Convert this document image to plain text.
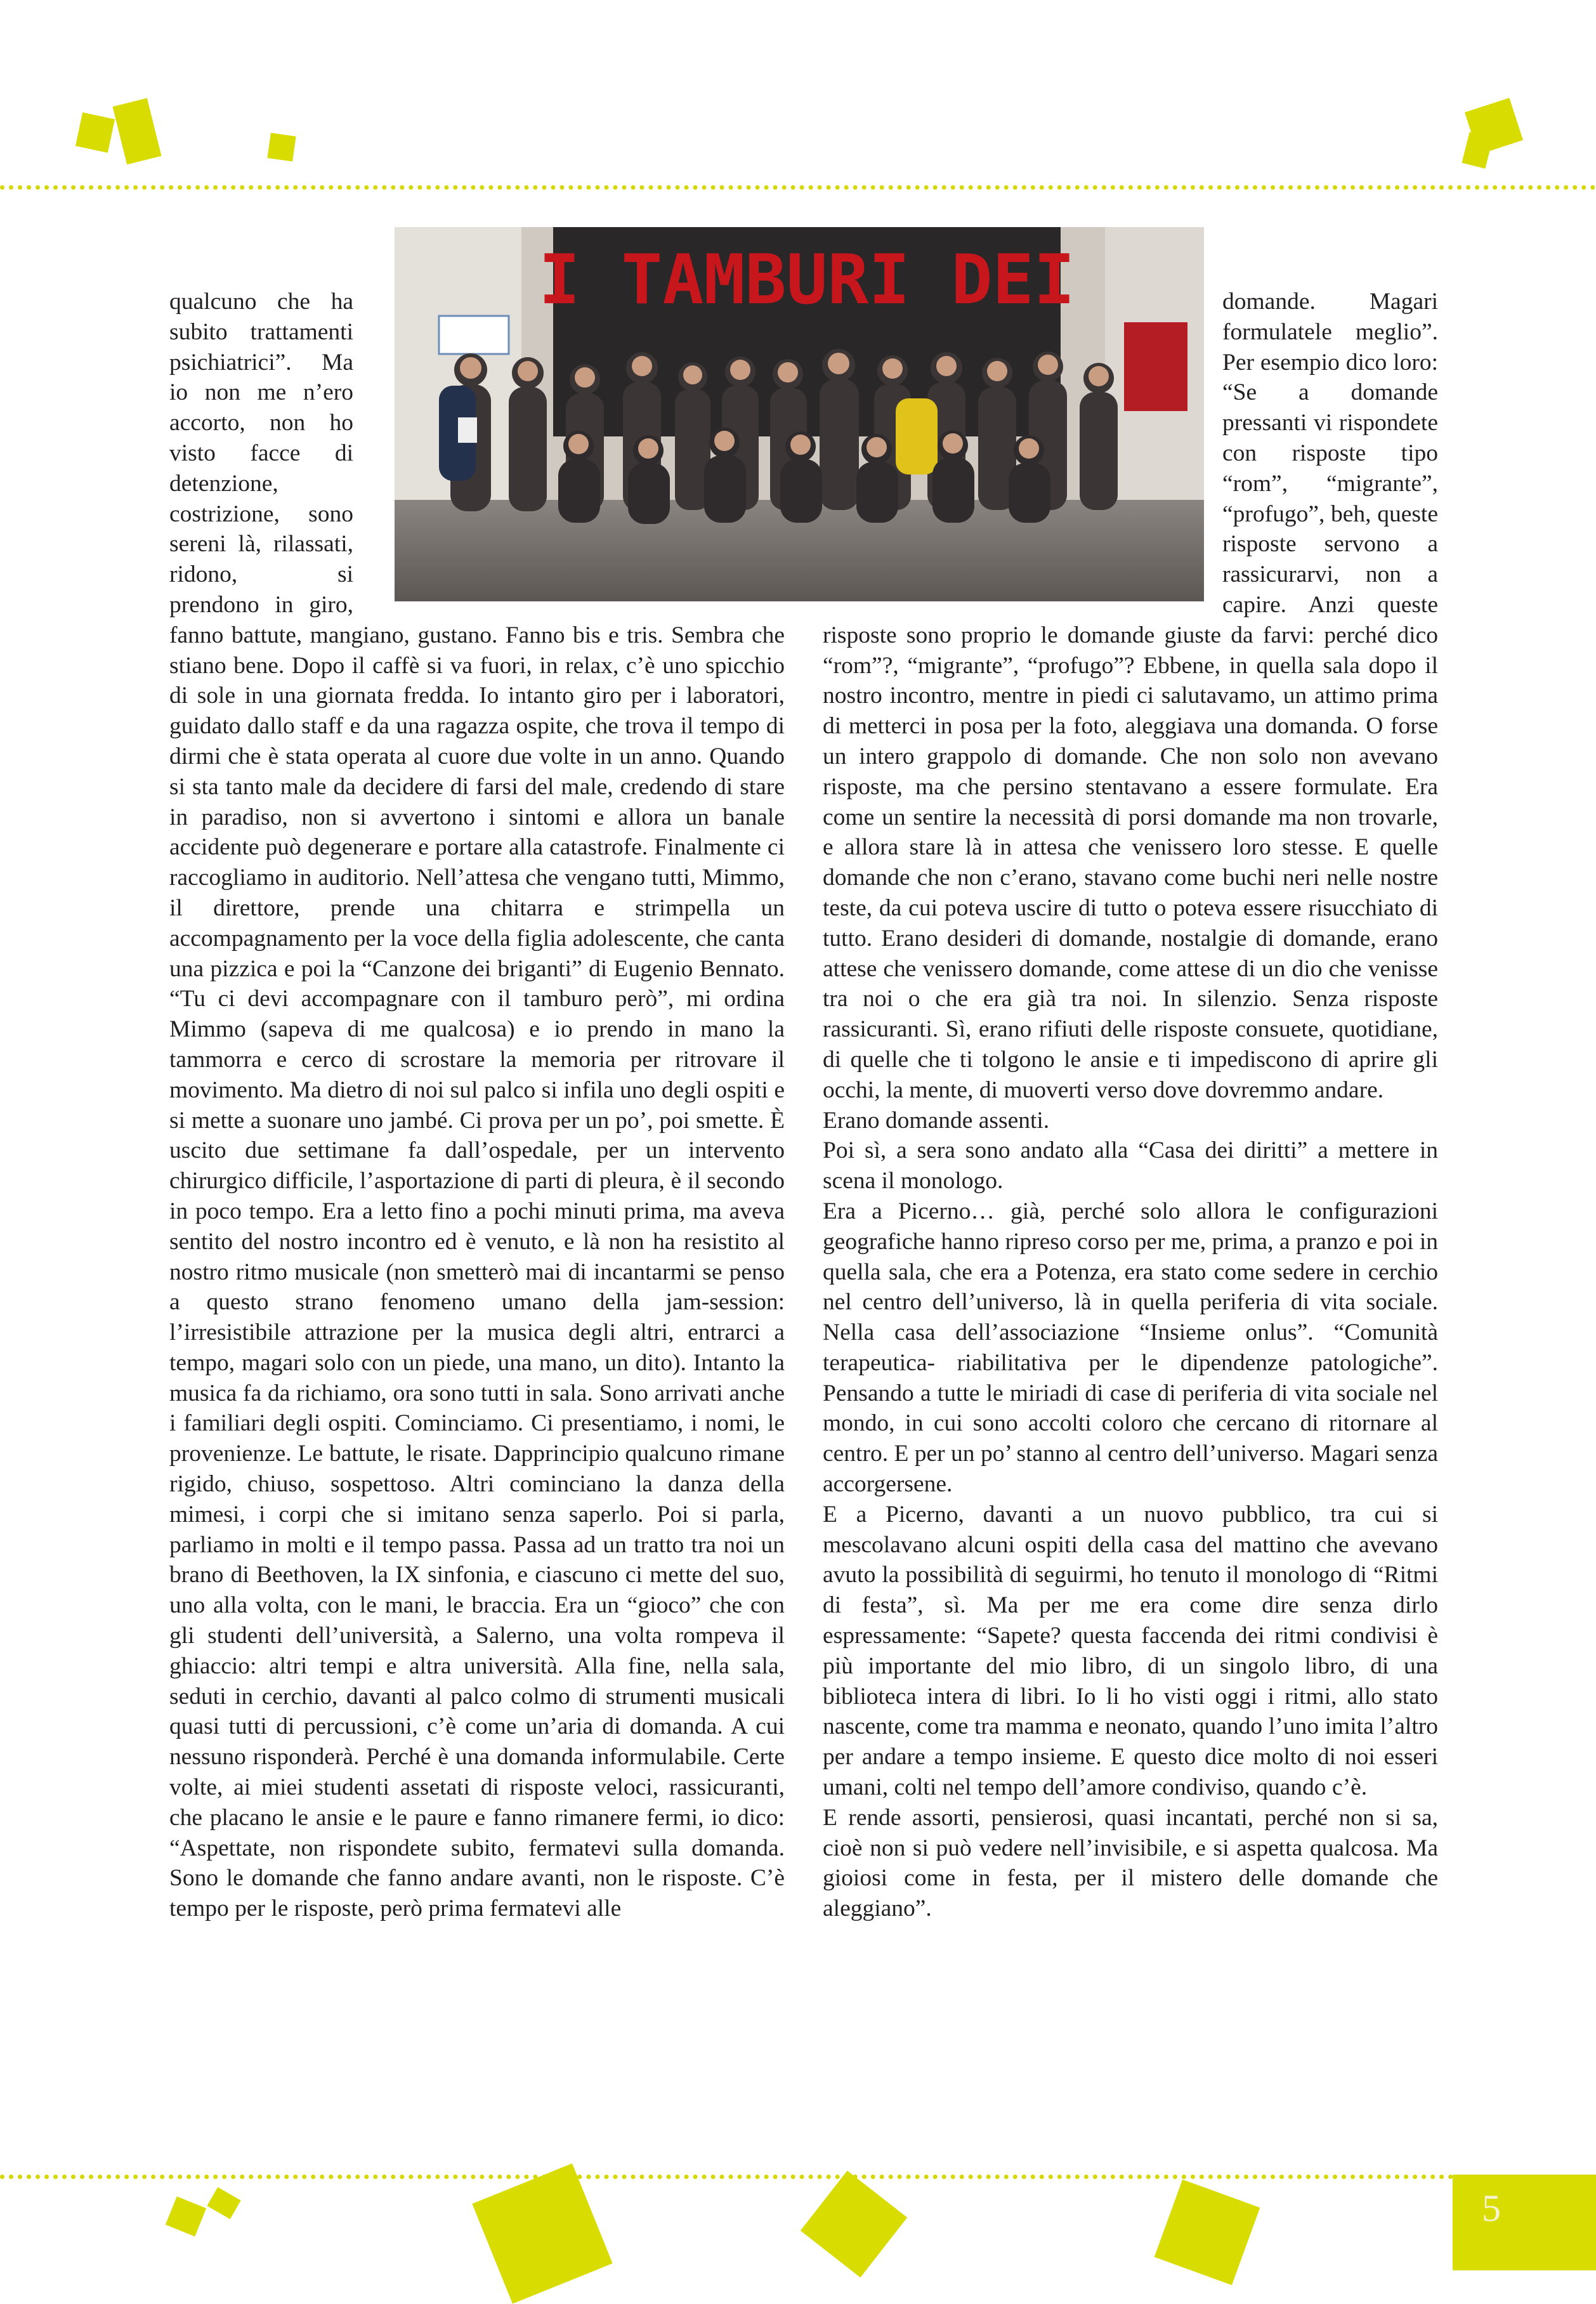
I TAMBURI DEI

qualcuno che ha subito trattamenti psichiatrici”. Ma io non me n’ero accorto, non ho visto facce di detenzione, costrizione, sono sereni là, rilassati, ridono, si prendono in giro, fanno battute, mangiano, gustano. Fanno bis e tris. Sembra che stiano bene. Dopo il caffè si va fuori, in relax, c’è uno spicchio di sole in una giornata fredda. Io intanto giro per i laboratori, guidato dallo staff e da una ragazza ospite, che trova il tempo di dirmi che è stata operata al cuore due volte in un anno. Quando si sta tanto male da decidere di farsi del male, credendo di stare in paradiso, non si avvertono i sintomi e allora un banale accidente può degenerare e portare alla catastrofe. Finalmente ci raccogliamo in auditorio. Nell’attesa che vengano tutti, Mimmo, il direttore, prende una chitarra e strimpella un accompagnamento per la voce della figlia adolescente, che canta una pizzica e poi la “Canzone dei briganti” di Eugenio Bennato. “Tu ci devi accompagnare con il tamburo però”, mi ordina Mimmo (sapeva di me qualcosa) e io prendo in mano la tammorra e cerco di scrostare la memoria per ritrovare il movimento. Ma dietro di noi sul palco si infila uno degli ospiti e si mette a suonare uno jambé. Ci prova per un po’, poi smette. È uscito due settimane fa dall’ospedale, per un intervento chirurgico difficile, l’asportazione di parti di pleura, è il secondo in poco tempo. Era a letto fino a pochi minuti prima, ma aveva sentito del nostro incontro ed è venuto, e là non ha resistito al nostro ritmo musicale (non smetterò mai di incantarmi se penso a questo strano fenomeno umano della jam-session: l’irresistibile attrazione per la musica degli altri, entrarci a tempo, magari solo con un piede, una mano, un dito). Intanto la musica fa da richiamo, ora sono tutti in sala. Sono arrivati anche i familiari degli ospiti. Cominciamo. Ci presentiamo, i nomi, le provenienze. Le battute, le risate. Dapprincipio qualcuno rimane rigido, chiuso, sospettoso. Altri cominciano la danza della mimesi, i corpi che si imitano senza saperlo. Poi si parla, parliamo in molti e il tempo passa. Passa ad un tratto tra noi un brano di Beethoven, la IX sinfonia, e ciascuno ci mette del suo, uno alla volta, con le mani, le braccia. Era un “gioco” che con gli studenti dell’università, a Salerno, una volta rompeva il ghiaccio: altri tempi e altra università. Alla fine, nella sala, seduti in cerchio, davanti al palco colmo di strumenti musicali quasi tutti di percussioni, c’è come un’aria di domanda. A cui nessuno risponderà. Perché è una domanda informulabile. Certe volte, ai miei studenti assetati di risposte veloci, rassicuranti, che placano le ansie e le paure e fanno rimanere fermi, io dico: “Aspettate, non rispondete subito, fermatevi sulla domanda. Sono le domande che fanno andare avanti, non le risposte. C’è tempo per le risposte, però prima fermatevi alle

domande. Magari formulatele meglio”. Per esempio dico loro: “Se a domande pressanti vi rispondete con risposte tipo “rom”, “migrante”, “profugo”, beh, queste risposte servono a rassicurarvi, non a capire. Anzi queste risposte sono proprio le domande giuste da farvi: perché dico “rom”?, “migrante”, “profugo”? Ebbene, in quella sala dopo il nostro incontro, mentre in piedi ci salutavamo, un attimo prima di metterci in posa per la foto, aleggiava una domanda. O forse un intero grappolo di domande. Che non solo non avevano risposte, ma che persino stentavano a essere formulate. Era come un sentire la necessità di porsi domande ma non trovarle, e allora stare là in attesa che venissero loro stesse. E quelle domande che non c’erano, stavano come buchi neri nelle nostre teste, da cui poteva uscire di tutto o poteva essere risucchiato di tutto. Erano desideri di domande, nostalgie di domande, erano attese che venissero domande, come attese di un dio che venisse tra noi o che era già tra noi. In silenzio. Senza risposte rassicuranti. Sì, erano rifiuti delle risposte consuete, quotidiane, di quelle che ti tolgono le ansie e ti impediscono di aprire gli occhi, la mente, di muoverti verso dove dovremmo andare.

Erano domande assenti.

Poi sì, a sera sono andato alla “Casa dei diritti” a mettere in scena il monologo.

Era a Picerno… già, perché solo allora le configurazioni geografiche hanno ripreso corso per me, prima, a pranzo e poi in quella sala, che era a Potenza, era stato come sedere in cerchio nel centro dell’universo, là in quella periferia di vita sociale. Nella casa dell’associazione “Insieme onlus”. “Comunità terapeutica- riabilitativa per le dipendenze patologiche”. Pensando a tutte le miriadi di case di periferia di vita sociale nel mondo, in cui sono accolti coloro che cercano di ritornare al centro. E per un po’ stanno al centro dell’universo. Magari senza accorgersene.

E a Picerno, davanti a un nuovo pubblico, tra cui si mescolavano alcuni ospiti della casa del mattino che avevano avuto la possibilità di seguirmi, ho tenuto il monologo di “Ritmi di festa”, sì. Ma per me era come dire senza dirlo espressamente: “Sapete? questa faccenda dei ritmi condivisi è più importante del mio libro, di un singolo libro, di una biblioteca intera di libri. Io li ho visti oggi i ritmi, allo stato nascente, come tra mamma e neonato, quando l’uno imita l’altro per andare a tempo insieme. E questo dice molto di noi esseri umani, colti nel tempo dell’amore condiviso, quando c’è.

E rende assorti, pensierosi, quasi incantati, perché non si sa, cioè non si può vedere nell’invisibile, e si aspetta qualcosa. Ma gioiosi come in festa, per il mistero delle domande che aleggiano”.

5
